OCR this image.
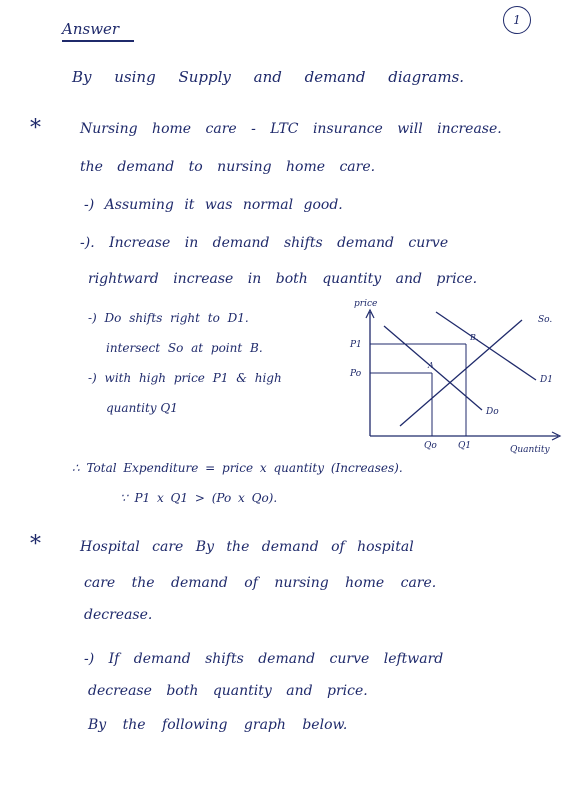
1
Answer
By using Supply and demand diagrams.
*	Nursing home care - LTC insurance will increase.
the demand to nursing home care.
-) Assuming it was normal good.
-). Increase in demand shifts demand curve
rightward increase in both quantity and price.
-) Do shifts right to D1.
intersect So at point B.
-) with high price P1 & high
quantity Q1
price
Quantity
So.
D1
Do
P1
Po
Qo Q1
A
B.
∴ Total Expenditure = price x quantity (Increases).
∵ P1 x Q1 > (Po x Qo).
*	Hospital care By the demand of hospital
care the demand of nursing home care.
decrease.
-) If demand shifts demand curve leftward
decrease both quantity and price.
By the following graph below.
